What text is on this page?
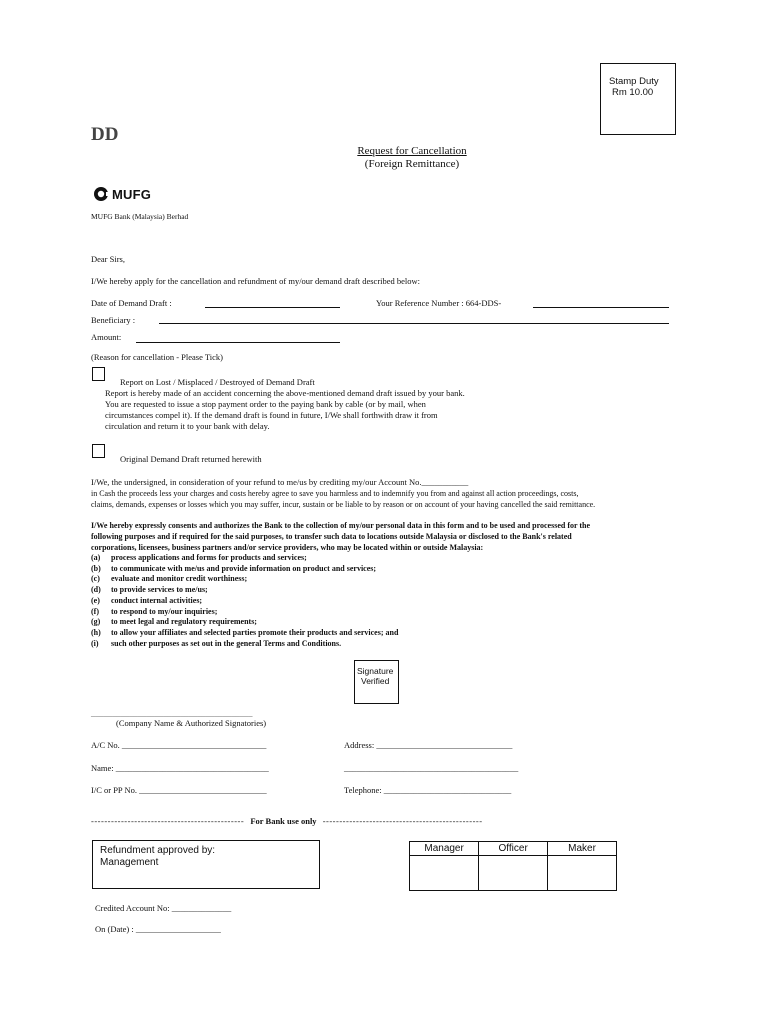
Stamp Duty
Rm 10.00
DD
Request for Cancellation
(Foreign Remittance)
MUFG
MUFG Bank (Malaysia) Berhad
Dear Sirs,
I/We hereby apply for the cancellation and refundment of my/our demand draft described below:
Date of Demand Draft :	Your Reference Number : 664-DDS-
Beneficiary :
Amount:
(Reason for cancellation - Please Tick)
Report on Lost / Misplaced / Destroyed of Demand Draft
Report is hereby made of an accident concerning the above-mentioned demand draft issued by your bank.
You are requested to issue a stop payment order to the paying bank by cable (or by mail, when
circumstances compel it). If the demand draft is found in future, I/We shall forthwith draw it from
circulation and return it to your bank with delay.
Original Demand Draft returned herewith
I/We, the undersigned, in consideration of your refund to me/us by crediting my/our Account No.___________
in Cash the proceeds less your charges and costs hereby agree to save you harmless and to indemnify you from and against all action proceedings, costs,
claims, demands, expenses or losses which you may suffer, incur, sustain or be liable to by reason or on account of your having cancelled the said remittance.
I/We hereby expressly consents and authorizes the Bank to the collection of my/our personal data in this form and to be used and processed for the
following purposes and if required for the said purposes, to transfer such data to locations outside Malaysia or disclosed to the Bank's related
corporations, licensees, business partners and/or service providers, who may be located within or outside Malaysia:
(a) process applications and forms for products and services;
(b) to communicate with me/us and provide information on product and services;
(c) evaluate and monitor credit worthiness;
(d) to provide services to me/us;
(e) conduct internal activities;
(f) to respond to my/our inquiries;
(g) to meet legal and regulatory requirements;
(h) to allow your affiliates and selected parties promote their products and services; and
(i) such other purposes as set out in the general Terms and Conditions.
Signature
Verified
______________________________________
(Company Name & Authorized Signatories)
A/C No. __________________________________	Address: ________________________________
Name: ____________________________________	_________________________________________
I/C or PP No. ______________________________	Telephone: ______________________________
---------------------------------------------- For Bank use only ------------------------------------------------
Refundment approved by:
Management
Manager	Officer	Maker

Credited Account No: ______________
On (Date) : ____________________
